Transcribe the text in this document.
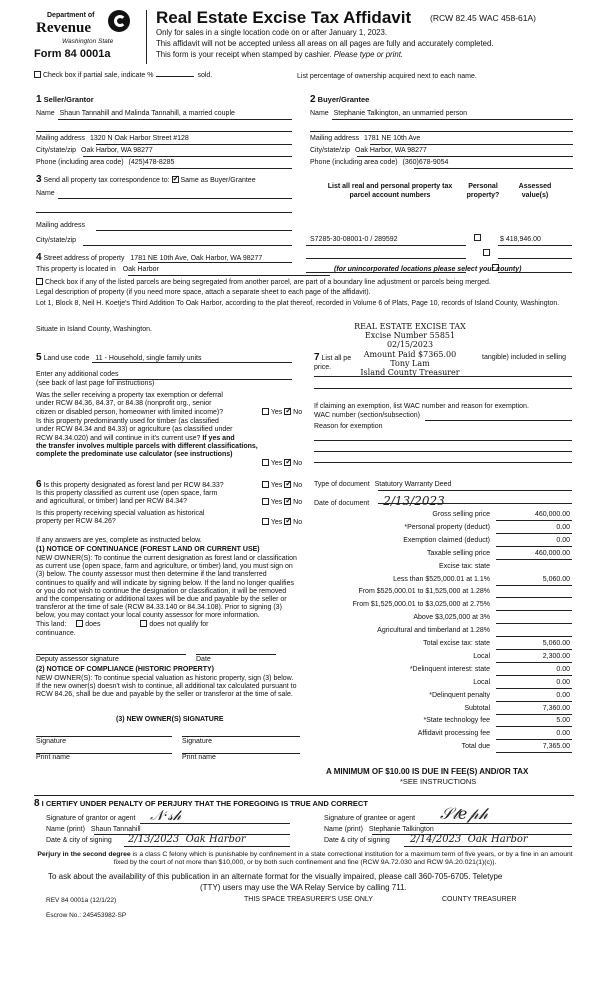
Department of
Revenue
Washington State
Form 84 0001a
Real Estate Excise Tax Affidavit (RCW 82.45 WAC 458-61A)
Only for sales in a single location code on or after January 1, 2023.
This affidavit will not be accepted unless all areas on all pages are fully and accurately completed.
This form is your receipt when stamped by cashier. Please type or print.
Check box if partial sale, indicate %	sold.	List percentage of ownership acquired next to each name.
1 Seller/Grantor
Name Shaun Tannahill and Malinda Tannahill, a married couple
Mailing address 1320 N Oak Harbor Street #128
City/state/zip Oak Harbor, WA 98277
Phone (including area code) (425)478-8285
2 Buyer/Grantee
Name Stephanie Talkington, an unmarried person
Mailing address 1781 NE 10th Ave
City/state/zip Oak Harbor, WA 98277
Phone (including area code) (360)678-9054
3 Send all property tax correspondence to: ✓ Same as Buyer/Grantee
Name
Mailing address
City/state/zip
List all real and personal property tax
parcel account numbers
Personal
property?
Assessed
value(s)
S7285-30-08001-0 / 289592	$ 418,946.00

4 Street address of property 1781 NE 10th Ave, Oak Harbor, WA 98277
This property is located in Oak Harbor	(for unincorporated locations please select your county)
Check box if any of the listed parcels are being segregated from another parcel, are part of a boundary line adjustment or parcels being merged.
Legal description of property (if you need more space, attach a separate sheet to each page of the affidavit).
Lot 1, Block 8, Neil H. Koetje's Third Addition To Oak Harbor, according to the plat thereof, recorded in Volume 6 of Plats, Page 10, records of Island County, Washington.
Situate in Island County, Washington.	REAL ESTATE EXCISE TAX
Excise Number 55851
02/15/2023
Amount Paid $7365.00
Tony Lam
Island County Treasurer
5 Land use code 11 - Household, single family units
Enter any additional codes
(see back of last page for instructions)
Was the seller receiving a property tax exemption or deferral
under RCW 84.36, 84.37, or 84.38 (nonprofit org., senior
citizen or disabled person, homeowner with limited income)?	Yes ✓ No
Is this property predominantly used for timber (as classified
under RCW 84.34 and 84.33) or agriculture (as classified under
RCW 84.34.020) and will continue in it's current use? If yes and
the transfer involves multiple parcels with different classifications,
complete the predominate use calculator (see instructions)
Yes ✓ No
7 List all pe	tangible) included in selling
price.
If claiming an exemption, list WAC number and reason for exemption.
WAC number (section/subsection)
Reason for exemption
6 Is this property designated as forest land per RCW 84.33?	Yes ✓ No
Is this property classified as current use (open space, farm
and agricultural, or timber) land per RCW 84.34?	Yes ✓ No
Is this property receiving special valuation as historical
property per RCW 84.26?	Yes ✓ No
If any answers are yes, complete as instructed below.
(1) NOTICE OF CONTINUANCE (FOREST LAND OR CURRENT USE)
NEW OWNER(S): To continue the current designation as forest land or classification as current use (open space, farm and agriculture, or timber) land, you must sign on (3) below. The county assessor must then determine if the land transferred continues to qualify and will indicate by signing below. If the land no longer qualifies or you do not wish to continue the designation or classification, it will be removed and the compensating or additional taxes will be due and payable by the seller or transferor at the time of sale (RCW 84.33.140 or 84.34.108). Prior to signing (3) below, you may contact your local county assessor for more information.
This land:	does	does not qualify for
continuance.
Deputy assessor signature	Date
(2) NOTICE OF COMPLIANCE (HISTORIC PROPERTY)
NEW OWNER(S): To continue special valuation as historic property, sign (3) below. If the new owner(s) doesn't wish to continue, all additional tax calculated pursuant to RCW 84.26, shall be due and payable by the seller or transferor at the time of sale.
(3) NEW OWNER(S) SIGNATURE
Signature	Signature
Print name	Print name
Type of document Statutory Warranty Deed
Date of document 2/13/2023
Gross selling price	460,000.00
*Personal property (deduct)	0.00
Exemption claimed (deduct)	0.00
Taxable selling price	460,000.00
Excise tax: state
Less than $525,000.01 at 1.1%	5,060.00
From $525,000.01 to $1,525,000 at 1.28%
From $1,525,000.01 to $3,025,000 at 2.75%
Above $3,025,000 at 3%
Agricultural and timberland at 1.28%
Total excise tax: state	5,060.00
Local	2,300.00
*Delinquent interest: state	0.00
Local	0.00
*Delinquent penalty	0.00
Subtotal	7,360.00
*State technology fee	5.00
Affidavit processing fee	0.00
Total due	7,365.00
A MINIMUM OF $10.00 IS DUE IN FEE(S) AND/OR TAX
*SEE INSTRUCTIONS
8 I CERTIFY UNDER PENALTY OF PERJURY THAT THE FOREGOING IS TRUE AND CORRECT
Signature of grantor or agent 𝒩·𝓈𝒽	Signature of grantee or agent 𝒮𝓉𝑒𝓅𝒽
Name (print) Shaun Tannahill	Name (print) Stephanie Talkington
Date & city of signing 2/13/2023 Oak Harbor	Date & city of signing 2/14/2023 Oak Harbor
Perjury in the second degree is a class C felony which is punishable by confinement in a state correctional institution for a maximum term of five years, or by a fine in an amount fixed by the court of not more than $10,000, or by both such confinement and fine (RCW 9A.72.030 and RCW 9A.20.021(1)(c)).
To ask about the availability of this publication in an alternate format for the visually impaired, please call 360-705-6705. Teletype
(TTY) users may use the WA Relay Service by calling 711.
REV 84 0001a (12/1/22)	THIS SPACE TREASURER'S USE ONLY	COUNTY TREASURER
Escrow No.: 245453982-SP
